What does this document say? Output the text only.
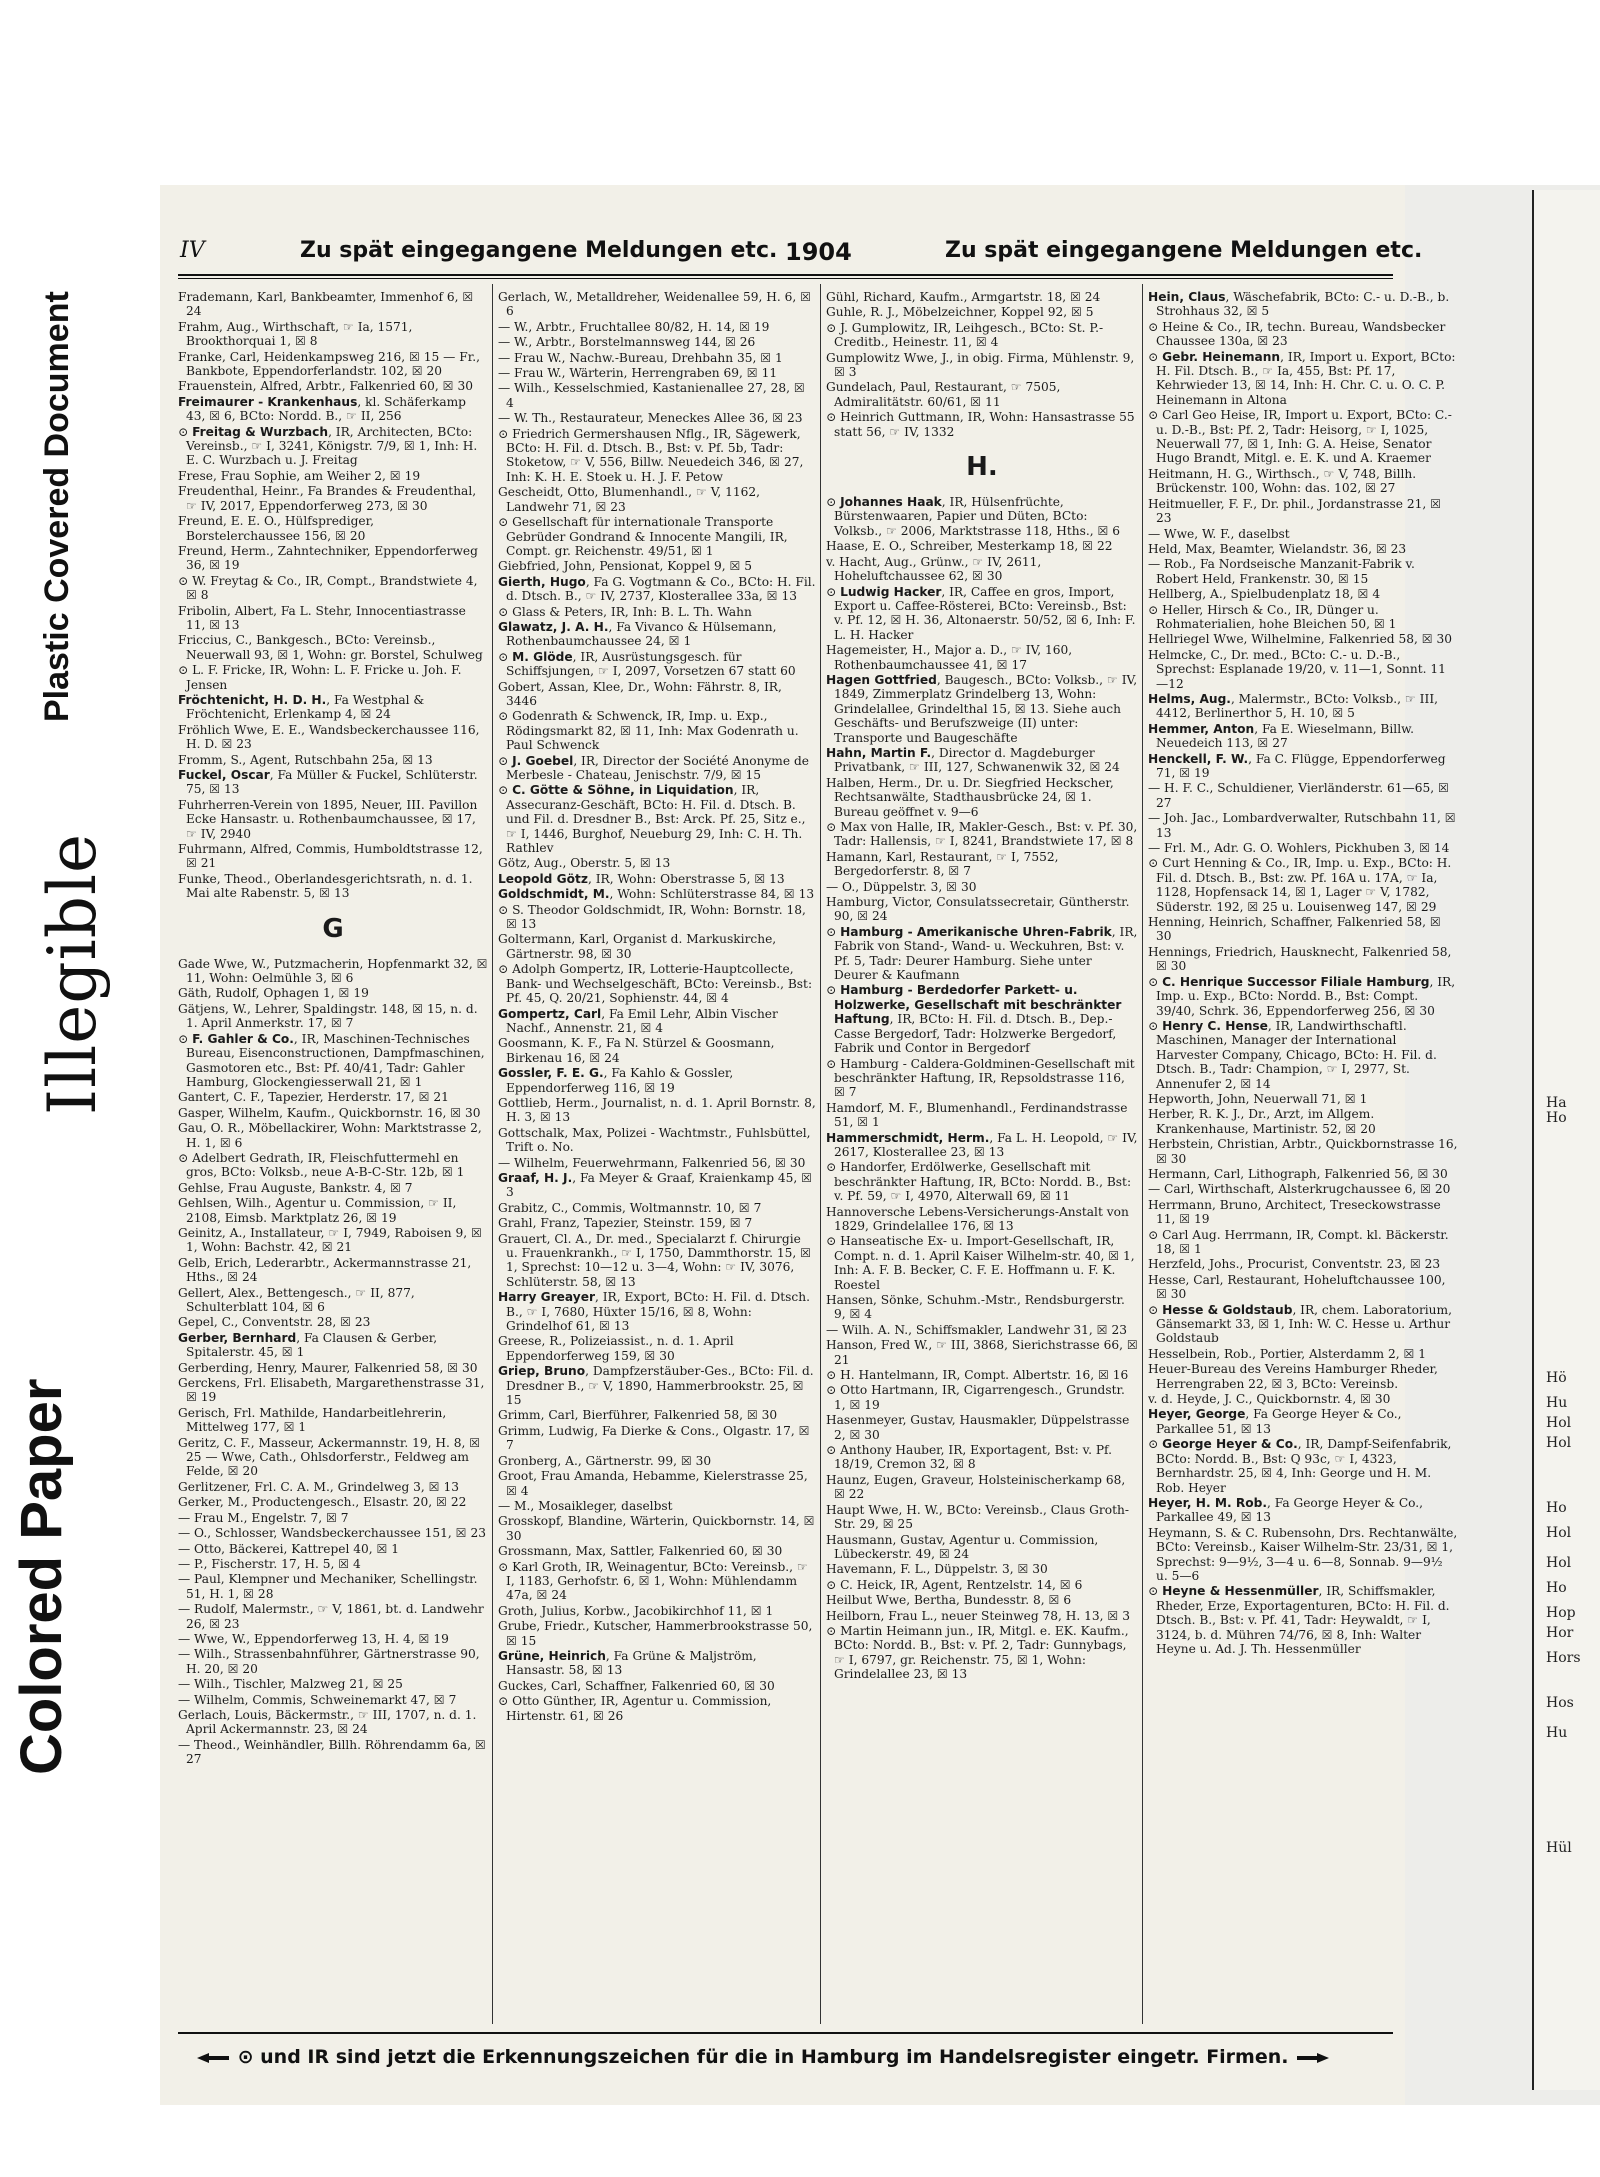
Plastic Covered Document
Illegible
Colored Paper
IV	Zu spät eingegangene Meldungen etc. 1904	Zu spät eingegangene Meldungen etc.
Frademann, Karl, Bankbeamter, Immenhof 6, ☒ 24
Frahm, Aug., Wirthschaft, ☞ Ia, 1571, Brookthorquai 1, ☒ 8
Franke, Carl, Heidenkampsweg 216, ☒ 15 — Fr., Bankbote, Eppendorferlandstr. 102, ☒ 20
Frauenstein, Alfred, Arbtr., Falkenried 60, ☒ 30
Freimaurer - Krankenhaus, kl. Schäferkamp 43, ☒ 6, BCto: Nordd. B., ☞ II, 256
⊙ Freitag & Wurzbach, IR, Architecten, BCto: Vereinsb., ☞ I, 3241, Königstr. 7/9, ☒ 1, Inh: H. E. C. Wurzbach u. J. Freitag
Frese, Frau Sophie, am Weiher 2, ☒ 19
Freudenthal, Heinr., Fa Brandes & Freudenthal, ☞ IV, 2017, Eppendorferweg 273, ☒ 30
Freund, E. E. O., Hülfsprediger, Borstelerchaussee 156, ☒ 20
Freund, Herm., Zahntechniker, Eppendorferweg 36, ☒ 19
⊙ W. Freytag & Co., IR, Compt., Brandstwiete 4, ☒ 8
Fribolin, Albert, Fa L. Stehr, Innocentiastrasse 11, ☒ 13
Friccius, C., Bankgesch., BCto: Vereinsb., Neuerwall 93, ☒ 1, Wohn: gr. Borstel, Schulweg
⊙ L. F. Fricke, IR, Wohn: L. F. Fricke u. Joh. F. Jensen
Fröchtenicht, H. D. H., Fa Westphal & Fröchtenicht, Erlenkamp 4, ☒ 24
Fröhlich Wwe, E. E., Wandsbeckerchaussee 116, H. D. ☒ 23
Fromm, S., Agent, Rutschbahn 25a, ☒ 13
Fuckel, Oscar, Fa Müller & Fuckel, Schlüterstr. 75, ☒ 13
Fuhrherren-Verein von 1895, Neuer, III. Pavillon Ecke Hansastr. u. Rothenbaumchaussee, ☒ 17, ☞ IV, 2940
Fuhrmann, Alfred, Commis, Humboldtstrasse 12, ☒ 21
Funke, Theod., Oberlandesgerichtsrath, n. d. 1. Mai alte Rabenstr. 5, ☒ 13
G
Gade Wwe, W., Putzmacherin, Hopfenmarkt 32, ☒ 11, Wohn: Oelmühle 3, ☒ 6
Gäth, Rudolf, Ophagen 1, ☒ 19
Gätjens, W., Lehrer, Spaldingstr. 148, ☒ 15, n. d. 1. April Anmerkstr. 17, ☒ 7
⊙ F. Gahler & Co., IR, Maschinen-Technisches Bureau, Eisenconstructionen, Dampfmaschinen, Gasmotoren etc., Bst: Pf. 40/41, Tadr: Gahler Hamburg, Glockengiesserwall 21, ☒ 1
Gantert, C. F., Tapezier, Herderstr. 17, ☒ 21
Gasper, Wilhelm, Kaufm., Quickbornstr. 16, ☒ 30
Gau, O. R., Möbellackirer, Wohn: Marktstrasse 2, H. 1, ☒ 6
⊙ Adelbert Gedrath, IR, Fleischfuttermehl en gros, BCto: Volksb., neue A-B-C-Str. 12b, ☒ 1
Gehlse, Frau Auguste, Bankstr. 4, ☒ 7
Gehlsen, Wilh., Agentur u. Commission, ☞ II, 2108, Eimsb. Marktplatz 26, ☒ 19
Geinitz, A., Installateur, ☞ I, 7949, Raboisen 9, ☒ 1, Wohn: Bachstr. 42, ☒ 21
Gelb, Erich, Lederarbtr., Ackermannstrasse 21, Hths., ☒ 24
Gellert, Alex., Bettengesch., ☞ II, 877, Schulterblatt 104, ☒ 6
Gepel, C., Conventstr. 28, ☒ 23
Gerber, Bernhard, Fa Clausen & Gerber, Spitalerstr. 45, ☒ 1
Gerberding, Henry, Maurer, Falkenried 58, ☒ 30
Gerckens, Frl. Elisabeth, Margarethenstrasse 31, ☒ 19
Gerisch, Frl. Mathilde, Handarbeitlehrerin, Mittelweg 177, ☒ 1
Geritz, C. F., Masseur, Ackermannstr. 19, H. 8, ☒ 25 — Wwe, Cath., Ohlsdorferstr., Feldweg am Felde, ☒ 20
Gerlitzener, Frl. C. A. M., Grindelweg 3, ☒ 13
Gerker, M., Productengesch., Elsastr. 20, ☒ 22
— Frau M., Engelstr. 7, ☒ 7
— O., Schlosser, Wandsbeckerchaussee 151, ☒ 23
— Otto, Bäckerei, Kattrepel 40, ☒ 1
— P., Fischerstr. 17, H. 5, ☒ 4
— Paul, Klempner und Mechaniker, Schellingstr. 51, H. 1, ☒ 28
— Rudolf, Malermstr., ☞ V, 1861, bt. d. Landwehr 26, ☒ 23
— Wwe, W., Eppendorferweg 13, H. 4, ☒ 19
— Wilh., Strassenbahnführer, Gärtnerstrasse 90, H. 20, ☒ 20
— Wilh., Tischler, Malzweg 21, ☒ 25
— Wilhelm, Commis, Schweinemarkt 47, ☒ 7
Gerlach, Louis, Bäckermstr., ☞ III, 1707, n. d. 1. April Ackermannstr. 23, ☒ 24
— Theod., Weinhändler, Billh. Röhrendamm 6a, ☒ 27
Gerlach, W., Metalldreher, Weidenallee 59, H. 6, ☒ 6
— W., Arbtr., Fruchtallee 80/82, H. 14, ☒ 19
— W., Arbtr., Borstelmannsweg 144, ☒ 26
— Frau W., Nachw.-Bureau, Drehbahn 35, ☒ 1
— Frau W., Wärterin, Herrengraben 69, ☒ 11
— Wilh., Kesselschmied, Kastanienallee 27, 28, ☒ 4
— W. Th., Restaurateur, Meneckes Allee 36, ☒ 23
⊙ Friedrich Germershausen Nflg., IR, Sägewerk, BCto: H. Fil. d. Dtsch. B., Bst: v. Pf. 5b, Tadr: Stoketow, ☞ V, 556, Billw. Neuedeich 346, ☒ 27, Inh: K. H. E. Stoek u. H. J. F. Petow
Gescheidt, Otto, Blumenhandl., ☞ V, 1162, Landwehr 71, ☒ 23
⊙ Gesellschaft für internationale Transporte Gebrüder Gondrand & Innocente Mangili, IR, Compt. gr. Reichenstr. 49/51, ☒ 1
Giebfried, John, Pensionat, Koppel 9, ☒ 5
Gierth, Hugo, Fa G. Vogtmann & Co., BCto: H. Fil. d. Dtsch. B., ☞ IV, 2737, Klosterallee 33a, ☒ 13
⊙ Glass & Peters, IR, Inh: B. L. Th. Wahn
Glawatz, J. A. H., Fa Vivanco & Hülsemann, Rothenbaumchaussee 24, ☒ 1
⊙ M. Glöde, IR, Ausrüstungsgesch. für Schiffsjungen, ☞ I, 2097, Vorsetzen 67 statt 60
Gobert, Assan, Klee, Dr., Wohn: Fährstr. 8, IR, 3446
⊙ Godenrath & Schwenck, IR, Imp. u. Exp., Rödingsmarkt 82, ☒ 11, Inh: Max Godenrath u. Paul Schwenck
⊙ J. Goebel, IR, Director der Société Anonyme de Merbesle - Chateau, Jenischstr. 7/9, ☒ 15
⊙ C. Götte & Söhne, in Liquidation, IR, Assecuranz-Geschäft, BCto: H. Fil. d. Dtsch. B. und Fil. d. Dresdner B., Bst: Arck. Pf. 25, Sitz e., ☞ I, 1446, Burghof, Neueburg 29, Inh: C. H. Th. Rathlev
Götz, Aug., Oberstr. 5, ☒ 13
Leopold Götz, IR, Wohn: Oberstrasse 5, ☒ 13
Goldschmidt, M., Wohn: Schlüterstrasse 84, ☒ 13
⊙ S. Theodor Goldschmidt, IR, Wohn: Bornstr. 18, ☒ 13
Goltermann, Karl, Organist d. Markuskirche, Gärtnerstr. 98, ☒ 30
⊙ Adolph Gompertz, IR, Lotterie-Hauptcollecte, Bank- und Wechselgeschäft, BCto: Vereinsb., Bst: Pf. 45, Q. 20/21, Sophienstr. 44, ☒ 4
Gompertz, Carl, Fa Emil Lehr, Albin Vischer Nachf., Annenstr. 21, ☒ 4
Goosmann, K. F., Fa N. Stürzel & Goosmann, Birkenau 16, ☒ 24
Gossler, F. E. G., Fa Kahlo & Gossler, Eppendorferweg 116, ☒ 19
Gottlieb, Herm., Journalist, n. d. 1. April Bornstr. 8, H. 3, ☒ 13
Gottschalk, Max, Polizei - Wachtmstr., Fuhlsbüttel, Trift o. No.
— Wilhelm, Feuerwehrmann, Falkenried 56, ☒ 30
Graaf, H. J., Fa Meyer & Graaf, Kraienkamp 45, ☒ 3
Grabitz, C., Commis, Woltmannstr. 10, ☒ 7
Grahl, Franz, Tapezier, Steinstr. 159, ☒ 7
Grauert, Cl. A., Dr. med., Specialarzt f. Chirurgie u. Frauenkrankh., ☞ I, 1750, Dammthorstr. 15, ☒ 1, Sprechst: 10—12 u. 3—4, Wohn: ☞ IV, 3076, Schlüterstr. 58, ☒ 13
Harry Greayer, IR, Export, BCto: H. Fil. d. Dtsch. B., ☞ I, 7680, Hüxter 15/16, ☒ 8, Wohn: Grindelhof 61, ☒ 13
Greese, R., Polizeiassist., n. d. 1. April Eppendorferweg 159, ☒ 30
Griep, Bruno, Dampfzerstäuber-Ges., BCto: Fil. d. Dresdner B., ☞ V, 1890, Hammerbrookstr. 25, ☒ 15
Grimm, Carl, Bierführer, Falkenried 58, ☒ 30
Grimm, Ludwig, Fa Dierke & Cons., Olgastr. 17, ☒ 7
Gronberg, A., Gärtnerstr. 99, ☒ 30
Groot, Frau Amanda, Hebamme, Kielerstrasse 25, ☒ 4
— M., Mosaikleger, daselbst
Grosskopf, Blandine, Wärterin, Quickbornstr. 14, ☒ 30
Grossmann, Max, Sattler, Falkenried 60, ☒ 30
⊙ Karl Groth, IR, Weinagentur, BCto: Vereinsb., ☞ I, 1183, Gerhofstr. 6, ☒ 1, Wohn: Mühlendamm 47a, ☒ 24
Groth, Julius, Korbw., Jacobikirchhof 11, ☒ 1
Grube, Friedr., Kutscher, Hammerbrookstrasse 50, ☒ 15
Grüne, Heinrich, Fa Grüne & Maljström, Hansastr. 58, ☒ 13
Guckes, Carl, Schaffner, Falkenried 60, ☒ 30
⊙ Otto Günther, IR, Agentur u. Commission, Hirtenstr. 61, ☒ 26
Gühl, Richard, Kaufm., Armgartstr. 18, ☒ 24
Guhle, R. J., Möbelzeichner, Koppel 92, ☒ 5
⊙ J. Gumplowitz, IR, Leihgesch., BCto: St. P.-Creditb., Heinestr. 11, ☒ 4
Gumplowitz Wwe, J., in obig. Firma, Mühlenstr. 9, ☒ 3
Gundelach, Paul, Restaurant, ☞ 7505, Admiralitätstr. 60/61, ☒ 11
⊙ Heinrich Guttmann, IR, Wohn: Hansastrasse 55 statt 56, ☞ IV, 1332
H.
⊙ Johannes Haak, IR, Hülsenfrüchte, Bürstenwaaren, Papier und Düten, BCto: Volksb., ☞ 2006, Marktstrasse 118, Hths., ☒ 6
Haase, E. O., Schreiber, Mesterkamp 18, ☒ 22
v. Hacht, Aug., Grünw., ☞ IV, 2611, Hoheluftchaussee 62, ☒ 30
⊙ Ludwig Hacker, IR, Caffee en gros, Import, Export u. Caffee-Rösterei, BCto: Vereinsb., Bst: v. Pf. 12, ☒ H. 36, Altonaerstr. 50/52, ☒ 6, Inh: F. L. H. Hacker
Hagemeister, H., Major a. D., ☞ IV, 160, Rothenbaumchaussee 41, ☒ 17
Hagen Gottfried, Baugesch., BCto: Volksb., ☞ IV, 1849, Zimmerplatz Grindelberg 13, Wohn: Grindelallee, Grindelthal 15, ☒ 13. Siehe auch Geschäfts- und Berufszweige (II) unter: Transporte und Baugeschäfte
Hahn, Martin F., Director d. Magdeburger Privatbank, ☞ III, 127, Schwanenwik 32, ☒ 24
Halben, Herm., Dr. u. Dr. Siegfried Heckscher, Rechtsanwälte, Stadthausbrücke 24, ☒ 1. Bureau geöffnet v. 9—6
⊙ Max von Halle, IR, Makler-Gesch., Bst: v. Pf. 30, Tadr: Hallensis, ☞ I, 8241, Brandstwiete 17, ☒ 8
Hamann, Karl, Restaurant, ☞ I, 7552, Bergedorferstr. 8, ☒ 7
— O., Düppelstr. 3, ☒ 30
Hamburg, Victor, Consulatssecretair, Güntherstr. 90, ☒ 24
⊙ Hamburg - Amerikanische Uhren-Fabrik, IR, Fabrik von Stand-, Wand- u. Weckuhren, Bst: v. Pf. 5, Tadr: Deurer Hamburg. Siehe unter Deurer & Kaufmann
⊙ Hamburg - Berdedorfer Parkett- u. Holzwerke, Gesellschaft mit beschränkter Haftung, IR, BCto: H. Fil. d. Dtsch. B., Dep.-Casse Bergedorf, Tadr: Holzwerke Bergedorf, Fabrik und Contor in Bergedorf
⊙ Hamburg - Caldera-Goldminen-Gesellschaft mit beschränkter Haftung, IR, Repsoldstrasse 116, ☒ 7
Hamdorf, M. F., Blumenhandl., Ferdinandstrasse 51, ☒ 1
Hammerschmidt, Herm., Fa L. H. Leopold, ☞ IV, 2617, Klosterallee 23, ☒ 13
⊙ Handorfer, Erdölwerke, Gesellschaft mit beschränkter Haftung, IR, BCto: Nordd. B., Bst: v. Pf. 59, ☞ I, 4970, Alterwall 69, ☒ 11
Hannoversche Lebens-Versicherungs-Anstalt von 1829, Grindelallee 176, ☒ 13
⊙ Hanseatische Ex- u. Import-Gesellschaft, IR, Compt. n. d. 1. April Kaiser Wilhelm-str. 40, ☒ 1, Inh: A. F. B. Becker, C. F. E. Hoffmann u. F. K. Roestel
Hansen, Sönke, Schuhm.-Mstr., Rendsburgerstr. 9, ☒ 4
— Wilh. A. N., Schiffsmakler, Landwehr 31, ☒ 23
Hanson, Fred W., ☞ III, 3868, Sierichstrasse 66, ☒ 21
⊙ H. Hantelmann, IR, Compt. Albertstr. 16, ☒ 16
⊙ Otto Hartmann, IR, Cigarrengesch., Grundstr. 1, ☒ 19
Hasenmeyer, Gustav, Hausmakler, Düppelstrasse 2, ☒ 30
⊙ Anthony Hauber, IR, Exportagent, Bst: v. Pf. 18/19, Cremon 32, ☒ 8
Haunz, Eugen, Graveur, Holsteinischerkamp 68, ☒ 22
Haupt Wwe, H. W., BCto: Vereinsb., Claus Groth-Str. 29, ☒ 25
Hausmann, Gustav, Agentur u. Commission, Lübeckerstr. 49, ☒ 24
Havemann, F. L., Düppelstr. 3, ☒ 30
⊙ C. Heick, IR, Agent, Rentzelstr. 14, ☒ 6
Heilbut Wwe, Bertha, Bundesstr. 8, ☒ 6
Heilborn, Frau L., neuer Steinweg 78, H. 13, ☒ 3
⊙ Martin Heimann jun., IR, Mitgl. e. EK. Kaufm., BCto: Nordd. B., Bst: v. Pf. 2, Tadr: Gunnybags, ☞ I, 6797, gr. Reichenstr. 75, ☒ 1, Wohn: Grindelallee 23, ☒ 13
Hein, Claus, Wäschefabrik, BCto: C.- u. D.-B., b. Strohhaus 32, ☒ 5
⊙ Heine & Co., IR, techn. Bureau, Wandsbecker Chaussee 130a, ☒ 23
⊙ Gebr. Heinemann, IR, Import u. Export, BCto: H. Fil. Dtsch. B., ☞ Ia, 455, Bst: Pf. 17, Kehrwieder 13, ☒ 14, Inh: H. Chr. C. u. O. C. P. Heinemann in Altona
⊙ Carl Geo Heise, IR, Import u. Export, BCto: C.- u. D.-B., Bst: Pf. 2, Tadr: Heisorg, ☞ I, 1025, Neuerwall 77, ☒ 1, Inh: G. A. Heise, Senator Hugo Brandt, Mitgl. e. E. K. und A. Kraemer
Heitmann, H. G., Wirthsch., ☞ V, 748, Billh. Brückenstr. 100, Wohn: das. 102, ☒ 27
Heitmueller, F. F., Dr. phil., Jordanstrasse 21, ☒ 23
— Wwe, W. F., daselbst
Held, Max, Beamter, Wielandstr. 36, ☒ 23
— Rob., Fa Nordseische Manzanit-Fabrik v. Robert Held, Frankenstr. 30, ☒ 15
Hellberg, A., Spielbudenplatz 18, ☒ 4
⊙ Heller, Hirsch & Co., IR, Dünger u. Rohmaterialien, hohe Bleichen 50, ☒ 1
Hellriegel Wwe, Wilhelmine, Falkenried 58, ☒ 30
Helmcke, C., Dr. med., BCto: C.- u. D.-B., Sprechst: Esplanade 19/20, v. 11—1, Sonnt. 11—12
Helms, Aug., Malermstr., BCto: Volksb., ☞ III, 4412, Berlinerthor 5, H. 10, ☒ 5
Hemmer, Anton, Fa E. Wieselmann, Billw. Neuedeich 113, ☒ 27
Henckell, F. W., Fa C. Flügge, Eppendorferweg 71, ☒ 19
— H. F. C., Schuldiener, Vierländerstr. 61—65, ☒ 27
— Joh. Jac., Lombardverwalter, Rutschbahn 11, ☒ 13
— Frl. M., Adr. G. O. Wohlers, Pickhuben 3, ☒ 14
⊙ Curt Henning & Co., IR, Imp. u. Exp., BCto: H. Fil. d. Dtsch. B., Bst: zw. Pf. 16A u. 17A, ☞ Ia, 1128, Hopfensack 14, ☒ 1, Lager ☞ V, 1782, Süderstr. 192, ☒ 25 u. Louisenweg 147, ☒ 29
Henning, Heinrich, Schaffner, Falkenried 58, ☒ 30
Hennings, Friedrich, Hausknecht, Falkenried 58, ☒ 30
⊙ C. Henrique Successor Filiale Hamburg, IR, Imp. u. Exp., BCto: Nordd. B., Bst: Compt. 39/40, Schrk. 36, Eppendorferweg 256, ☒ 30
⊙ Henry C. Hense, IR, Landwirthschaftl. Maschinen, Manager der International Harvester Company, Chicago, BCto: H. Fil. d. Dtsch. B., Tadr: Champion, ☞ I, 2977, St. Annenufer 2, ☒ 14
Hepworth, John, Neuerwall 71, ☒ 1
Herber, R. K. J., Dr., Arzt, im Allgem. Krankenhause, Martinistr. 52, ☒ 20
Herbstein, Christian, Arbtr., Quickbornstrasse 16, ☒ 30
Hermann, Carl, Lithograph, Falkenried 56, ☒ 30
— Carl, Wirthschaft, Alsterkrugchaussee 6, ☒ 20
Herrmann, Bruno, Architect, Treseckowstrasse 11, ☒ 19
⊙ Carl Aug. Herrmann, IR, Compt. kl. Bäckerstr. 18, ☒ 1
Herzfeld, Johs., Procurist, Conventstr. 23, ☒ 23
Hesse, Carl, Restaurant, Hoheluftchaussee 100, ☒ 30
⊙ Hesse & Goldstaub, IR, chem. Laboratorium, Gänsemarkt 33, ☒ 1, Inh: W. C. Hesse u. Arthur Goldstaub
Hesselbein, Rob., Portier, Alsterdamm 2, ☒ 1
Heuer-Bureau des Vereins Hamburger Rheder, Herrengraben 22, ☒ 3, BCto: Vereinsb.
v. d. Heyde, J. C., Quickbornstr. 4, ☒ 30
Heyer, George, Fa George Heyer & Co., Parkallee 51, ☒ 13
⊙ George Heyer & Co., IR, Dampf-Seifenfabrik, BCto: Nordd. B., Bst: Q 93c, ☞ I, 4323, Bernhardstr. 25, ☒ 4, Inh: George und H. M. Rob. Heyer
Heyer, H. M. Rob., Fa George Heyer & Co., Parkallee 49, ☒ 13
Heymann, S. & C. Rubensohn, Drs. Rechtanwälte, BCto: Vereinsb., Kaiser Wilhelm-Str. 23/31, ☒ 1, Sprechst: 9—9½, 3—4 u. 6—8, Sonnab. 9—9½ u. 5—6
⊙ Heyne & Hessenmüller, IR, Schiffsmakler, Rheder, Erze, Exportagenturen, BCto: H. Fil. d. Dtsch. B., Bst: v. Pf. 41, Tadr: Heywaldt, ☞ I, 3124, b. d. Mühren 74/76, ☒ 8, Inh: Walter Heyne u. Ad. J. Th. Hessenmüller
⊙ und IR sind jetzt die Erkennungszeichen für die in Hamburg im Handelsregister eingetr. Firmen.
Ha
Ho
Hö
Hu
Hol
Hol
Ho
Hol
Hol
Ho
Hop
Hor
Hors
Hos
Hu
Hül
